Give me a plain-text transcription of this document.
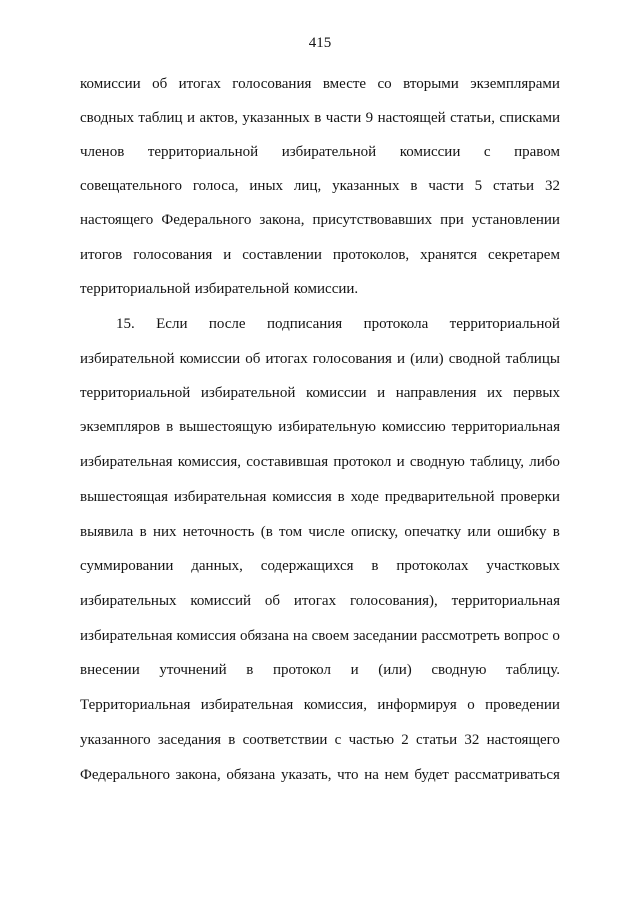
415
комиссии об итогах голосования вместе со вторыми экземплярами
сводных таблиц и актов, указанных в части 9 настоящей статьи, списками
членов территориальной избирательной комиссии с правом
совещательного голоса, иных лиц, указанных в части 5 статьи 32
настоящего Федерального закона, присутствовавших при установлении
итогов голосования и составлении протоколов, хранятся секретарем
территориальной избирательной комиссии.
15. Если после подписания протокола территориальной
избирательной комиссии об итогах голосования и (или) сводной таблицы
территориальной избирательной комиссии и направления их первых
экземпляров в вышестоящую избирательную комиссию территориальная
избирательная комиссия, составившая протокол и сводную таблицу, либо
вышестоящая избирательная комиссия в ходе предварительной проверки
выявила в них неточность (в том числе описку, опечатку или ошибку в
суммировании данных, содержащихся в протоколах участковых
избирательных комиссий об итогах голосования), территориальная
избирательная комиссия обязана на своем заседании рассмотреть вопрос о
внесении уточнений в протокол и (или) сводную таблицу.
Территориальная избирательная комиссия, информируя о проведении
указанного заседания в соответствии с частью 2 статьи 32 настоящего
Федерального закона, обязана указать, что на нем будет рассматриваться
